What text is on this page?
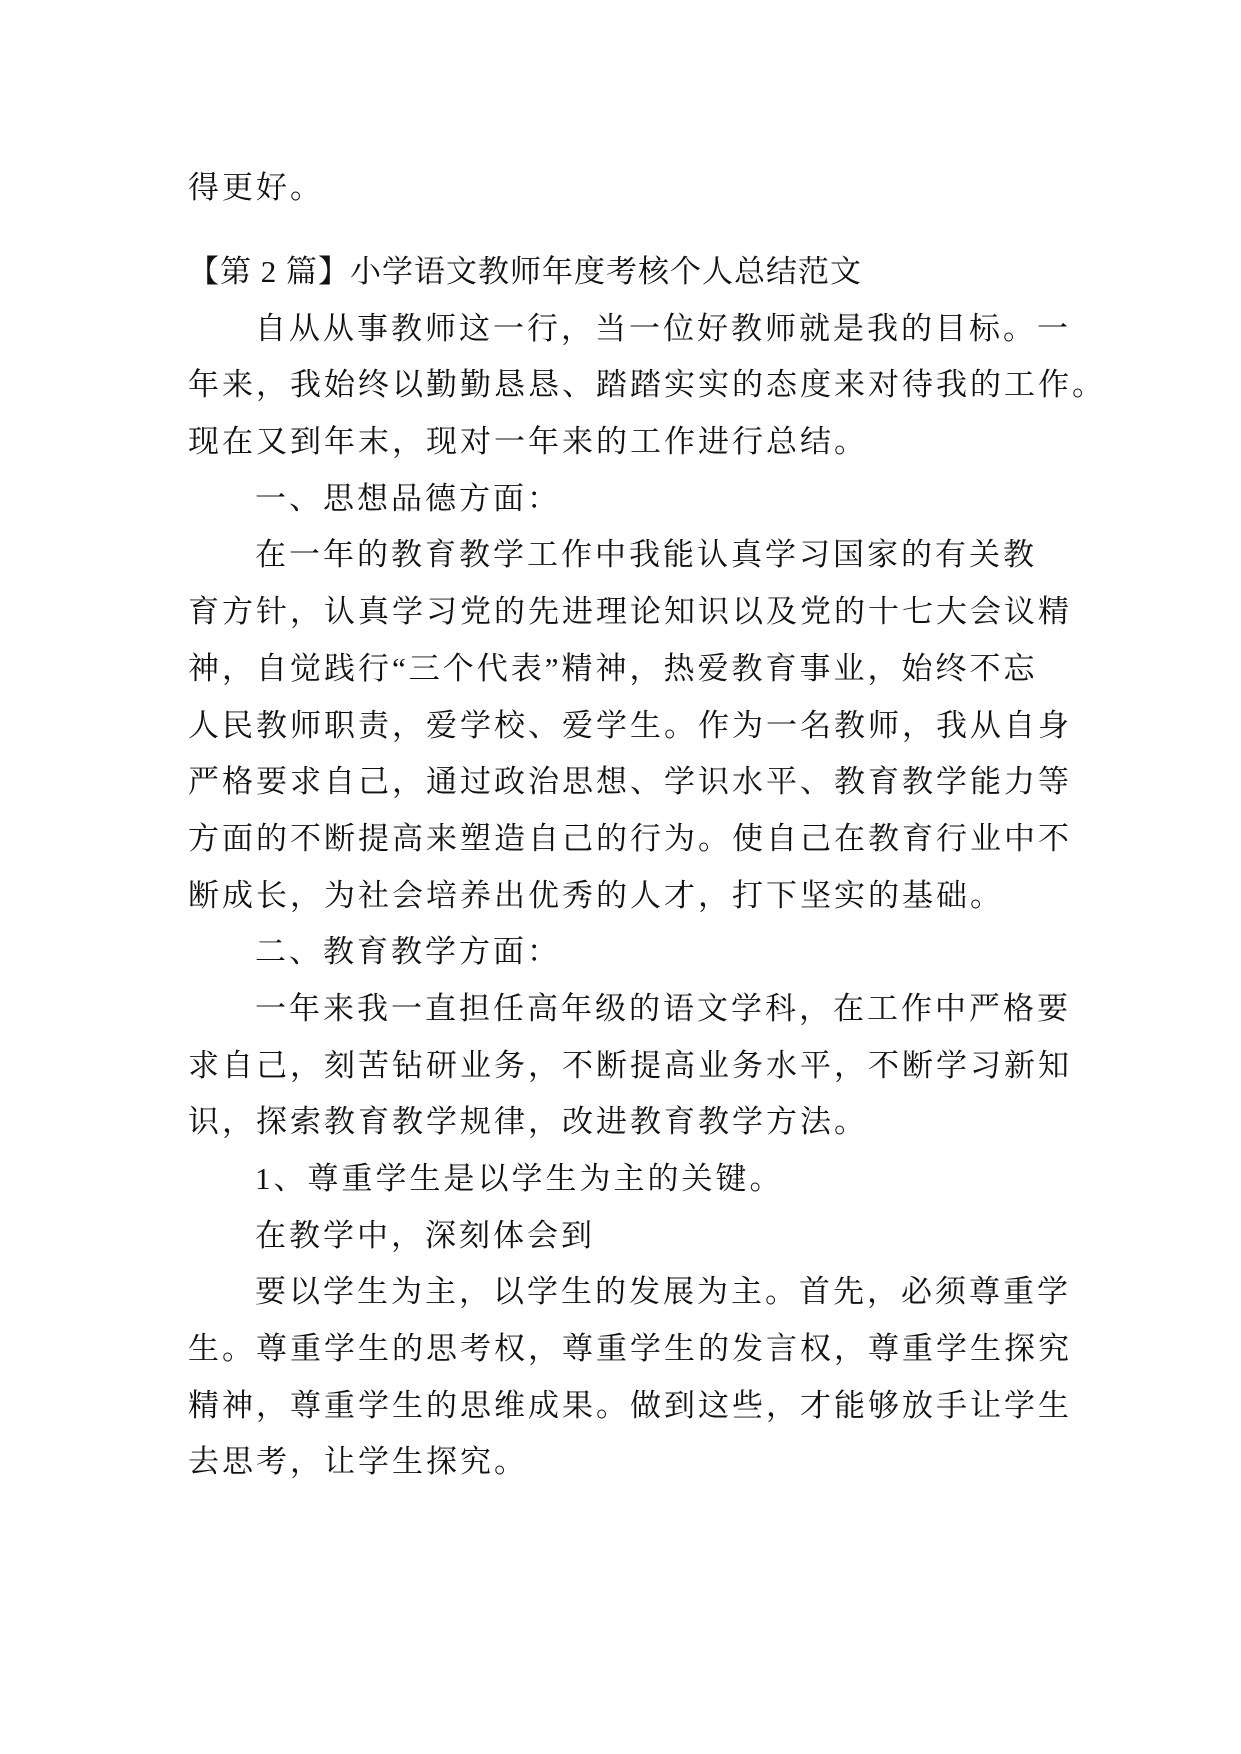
得更好。
【第 2 篇】小学语文教师年度考核个人总结范文
自从从事教师这一行，当一位好教师就是我的目标。一
年来，我始终以勤勤恳恳、踏踏实实的态度来对待我的工作。
现在又到年末，现对一年来的工作进行总结。
一、思想品德方面：
在一年的教育教学工作中我能认真学习国家的有关教
育方针，认真学习党的先进理论知识以及党的十七大会议精
神，自觉践行“三个代表”精神，热爱教育事业，始终不忘
人民教师职责，爱学校、爱学生。作为一名教师，我从自身
严格要求自己，通过政治思想、学识水平、教育教学能力等
方面的不断提高来塑造自己的行为。使自己在教育行业中不
断成长，为社会培养出优秀的人才，打下坚实的基础。
二、教育教学方面：
一年来我一直担任高年级的语文学科，在工作中严格要
求自己，刻苦钻研业务，不断提高业务水平，不断学习新知
识，探索教育教学规律，改进教育教学方法。
1、尊重学生是以学生为主的关键。
在教学中，深刻体会到
要以学生为主，以学生的发展为主。首先，必须尊重学
生。尊重学生的思考权，尊重学生的发言权，尊重学生探究
精神，尊重学生的思维成果。做到这些，才能够放手让学生
去思考，让学生探究。
